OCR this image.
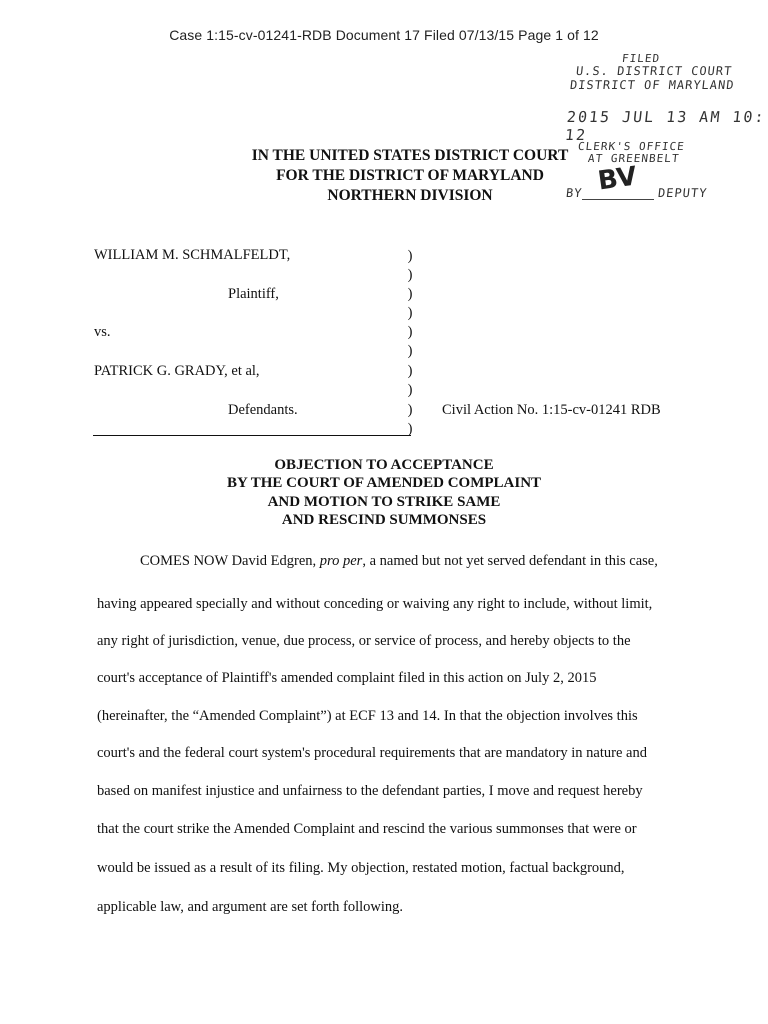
Case 1:15-cv-01241-RDB Document 17 Filed 07/13/15 Page 1 of 12
FILED
U.S. DISTRICT COURT
DISTRICT OF MARYLAND
2015 JUL 13 AM 10: 12
CLERK'S OFFICE
AT GREENBELT
BY	DEPUTY
BV
IN THE UNITED STATES DISTRICT COURT
FOR THE DISTRICT OF MARYLAND
NORTHERN DIVISION
WILLIAM M. SCHMALFELDT,
Plaintiff,
vs.
PATRICK G. GRADY, et al,
Defendants.	Civil Action No. 1:15-cv-01241 RDB
)
)
)
)
)
)
)
)
)
)
OBJECTION TO ACCEPTANCE
BY THE COURT OF AMENDED COMPLAINT
AND MOTION TO STRIKE SAME
AND RESCIND SUMMONSES
COMES NOW David Edgren, pro per, a named but not yet served defendant in this case,
having appeared specially and without conceding or waiving any right to include, without limit,
any right of jurisdiction, venue, due process, or service of process, and hereby objects to the
court's acceptance of Plaintiff's amended complaint filed in this action on July 2, 2015
(hereinafter, the “Amended Complaint”) at ECF 13 and 14. In that the objection involves this
court's and the federal court system's procedural requirements that are mandatory in nature and
based on manifest injustice and unfairness to the defendant parties, I move and request hereby
that the court strike the Amended Complaint and rescind the various summonses that were or
would be issued as a result of its filing. My objection, restated motion, factual background,
applicable law, and argument are set forth following.
